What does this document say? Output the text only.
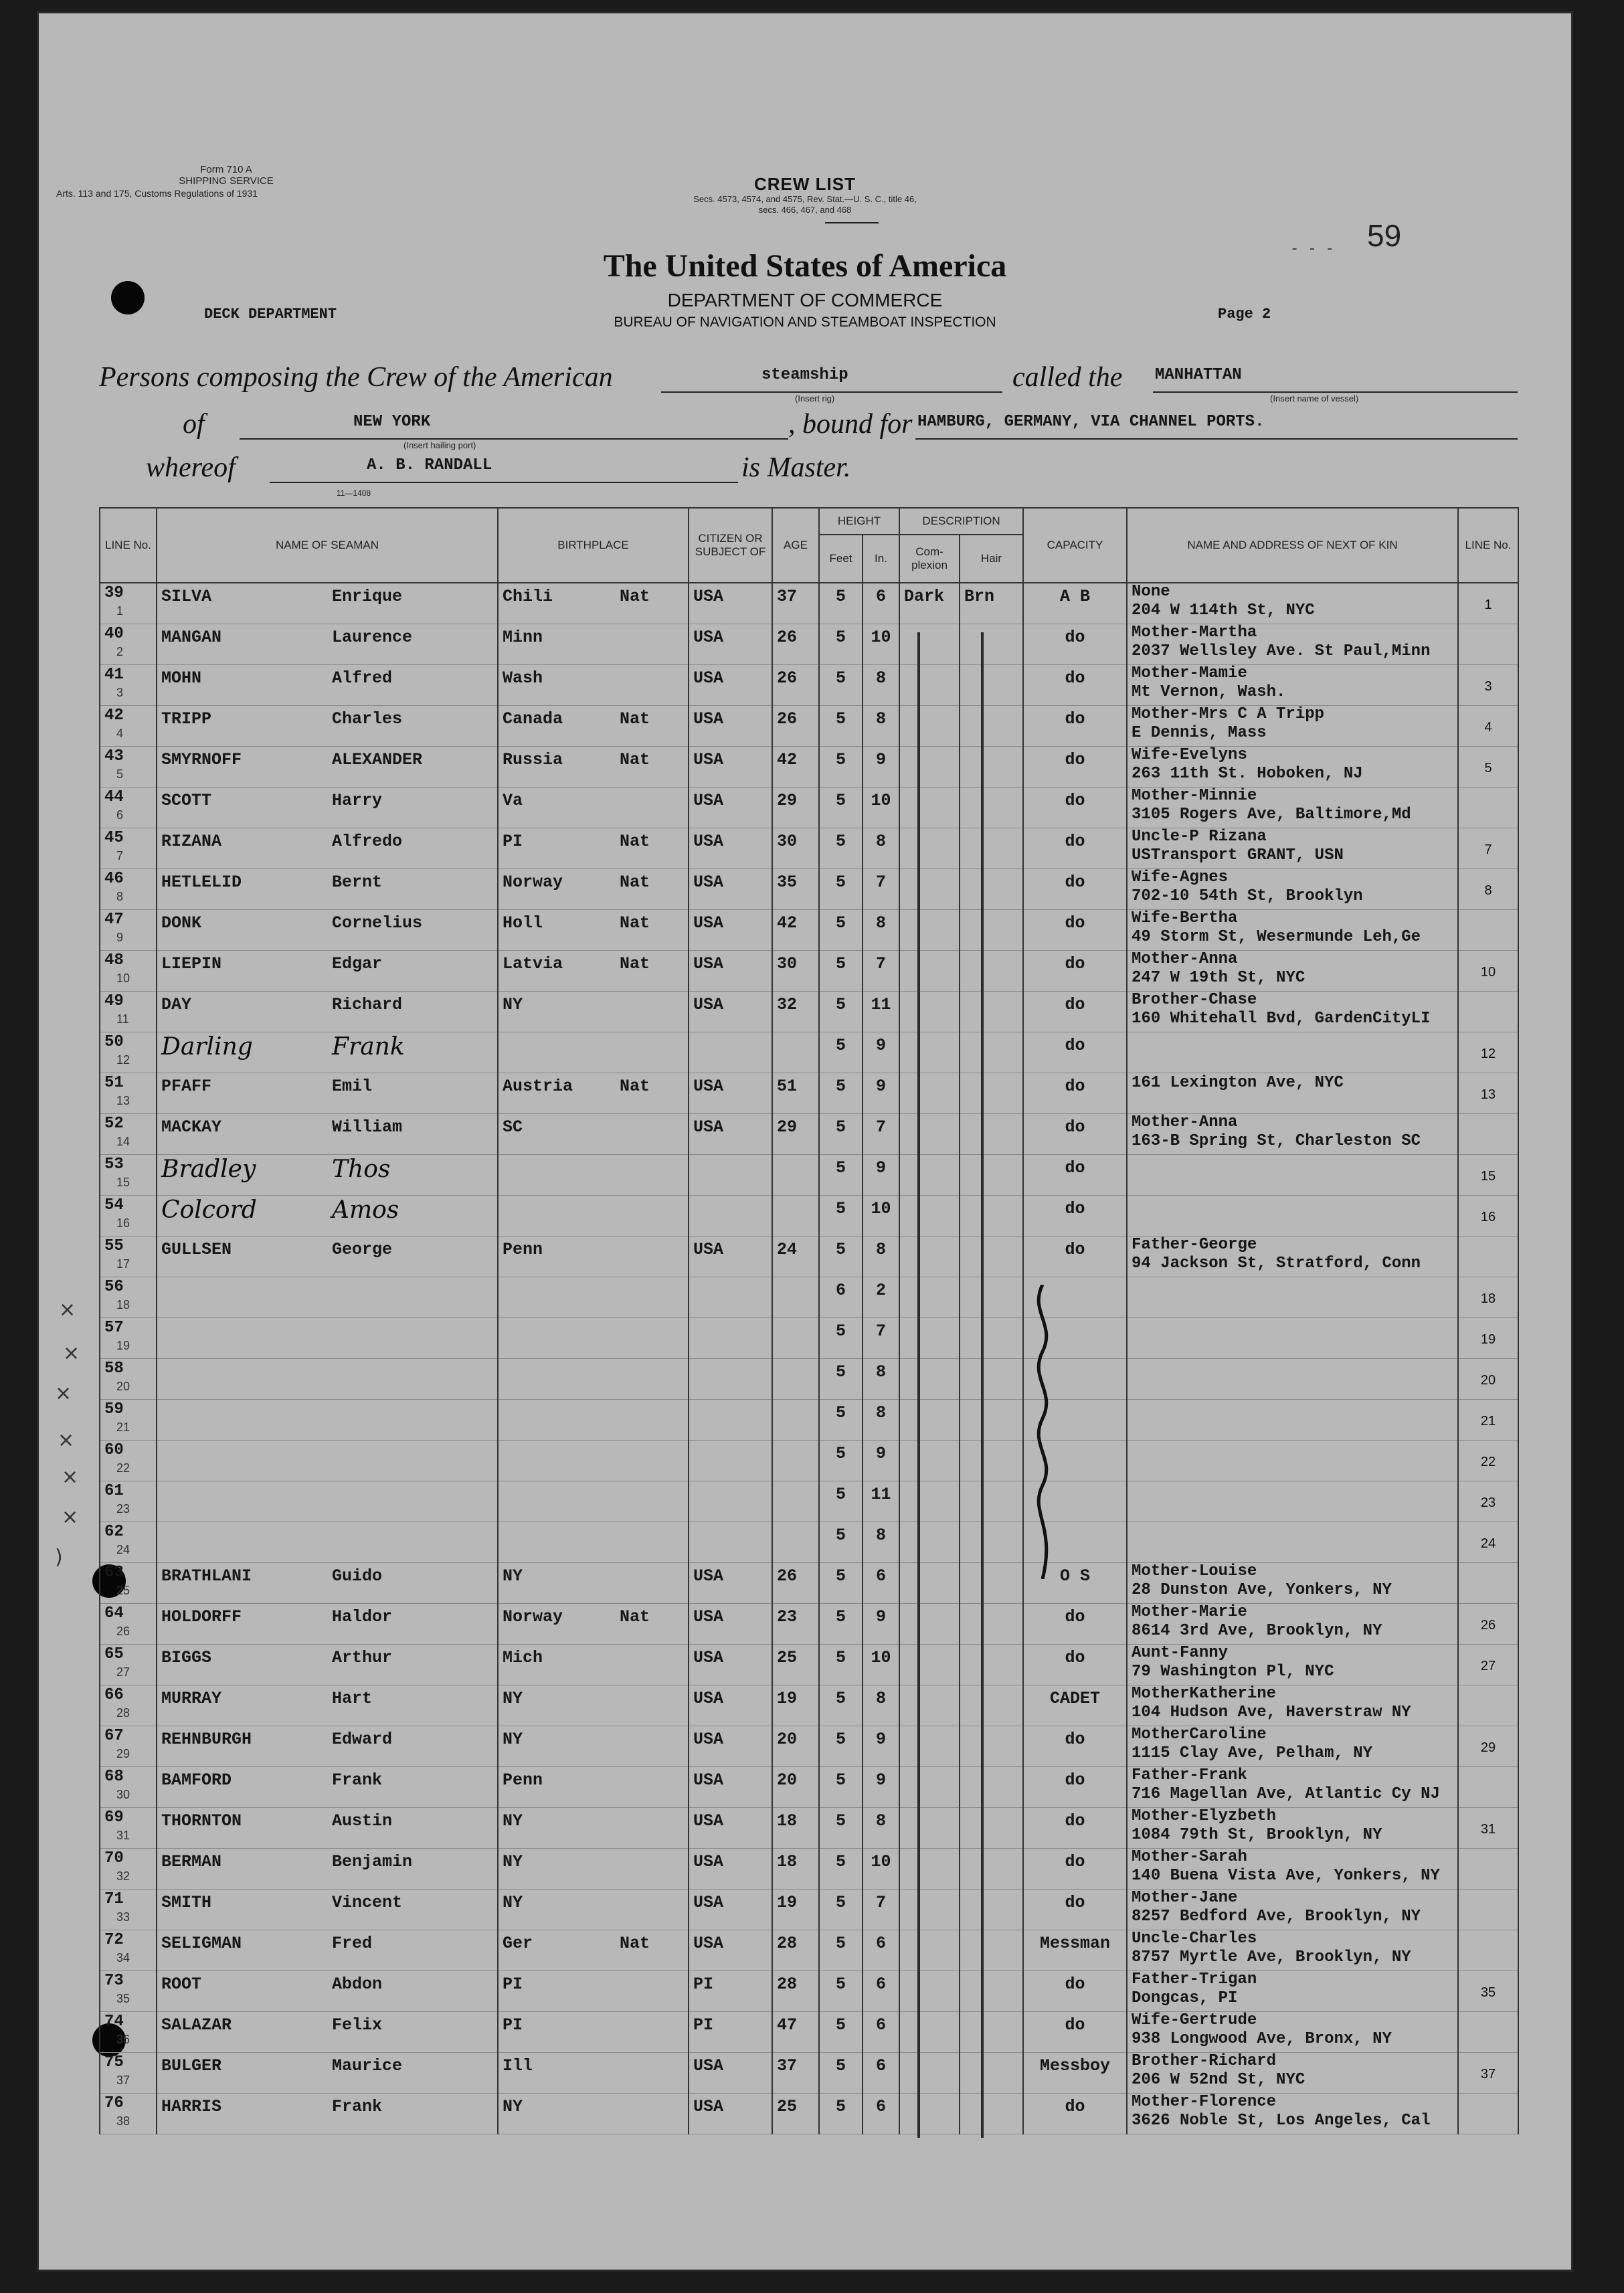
Form 710 A
SHIPPING SERVICE
Arts. 113 and 175, Customs Regulations of 1931	CREW LIST
Secs. 4573, 4574, and 4575, Rev. Stat.—U. S. C., title 46,
secs. 466, 467, and 468
The United States of America
DEPARTMENT OF COMMERCE
BUREAU OF NAVIGATION AND STEAMBOAT INSPECTION
- - - 59
DECK DEPARTMENT	Page 2
Persons composing the Crew of the American	steamship
(Insert rig)
called the MANHATTAN
(Insert name of vessel)
of	NEW YORK
(Insert hailing port)
, bound for HAMBURG, GERMANY, VIA CHANNEL PORTS.
whereof	A. B. RANDALL	is Master.
11—1408
LINE No.	NAME OF SEAMAN	BIRTHPLACE	CITIZEN OR SUBJECT OF	AGE	HEIGHT		DESCRIPTION		CAPACITY	NAME AND ADDRESS OF NEXT OF KIN	LINE No.
					Feet	In.	Com- plexion	Hair			

39
1	SILVA Enrique	Chili Nat	USA	37	5	6	Dark	Brn	A B	None
204 W 114th St, NYC	1

40
2	MANGAN Laurence	Minn	USA	26	5	10			do	Mother-Martha
2037 Wellsley Ave. St Paul,Minn	

41
3	MOHN Alfred	Wash	USA	26	5	8			do	Mother-Mamie
Mt Vernon, Wash.	3

42
4	TRIPP Charles	Canada Nat	USA	26	5	8			do	Mother-Mrs C A Tripp
E Dennis, Mass	4

43
5	SMYRNOFF ALEXANDER	Russia Nat	USA	42	5	9			do	Wife-Evelyns
263 11th St. Hoboken, NJ	5

44
6	SCOTT Harry	Va	USA	29	5	10			do	Mother-Minnie
3105 Rogers Ave, Baltimore,Md	

45
7	RIZANA Alfredo	PI Nat	USA	30	5	8			do	Uncle-P Rizana
USTransport GRANT, USN	7

46
8	HETLELID Bernt	Norway Nat	USA	35	5	7			do	Wife-Agnes
702-10 54th St, Brooklyn	8

47
9	DONK Cornelius	Holl Nat	USA	42	5	8			do	Wife-Bertha
49 Storm St, Wesermunde Leh,Ge	

48
10	LIEPIN Edgar	Latvia Nat	USA	30	5	7			do	Mother-Anna
247 W 19th St, NYC	10

49
11	DAY Richard	NY	USA	32	5	11			do	Brother-Chase
160 Whitehall Bvd, GardenCityLI	

50
12	Darling Frank				5	9			do		12

51
13	PFAFF Emil	Austria Nat	USA	51	5	9			do	161 Lexington Ave, NYC	13

52
14	MACKAY William	SC	USA	29	5	7			do	Mother-Anna
163-B Spring St, Charleston SC	

53
15	Bradley Thos				5	9			do		15

54
16	Colcord Amos				5	10			do		16

55
17	GULLSEN George	Penn	USA	24	5	8			do	Father-George
94 Jackson St, Stratford, Conn	

56
18					6	2					18

57
19					5	7					19

58
20					5	8					20

59
21					5	8					21

60
22					5	9					22

61
23					5	11					23

62
24					5	8					24

63
25	BRATHLANI Guido	NY	USA	26	5	6			O S	Mother-Louise
28 Dunston Ave, Yonkers, NY	

64
26	HOLDORFF Haldor	Norway Nat	USA	23	5	9			do	Mother-Marie
8614 3rd Ave, Brooklyn, NY	26

65
27	BIGGS Arthur	Mich	USA	25	5	10			do	Aunt-Fanny
79 Washington Pl, NYC	27

66
28	MURRAY Hart	NY	USA	19	5	8			CADET	MotherKatherine
104 Hudson Ave, Haverstraw NY	

67
29	REHNBURGH Edward	NY	USA	20	5	9			do	MotherCaroline
1115 Clay Ave, Pelham, NY	29

68
30	BAMFORD Frank	Penn	USA	20	5	9			do	Father-Frank
716 Magellan Ave, Atlantic Cy NJ	

69
31	THORNTON Austin	NY	USA	18	5	8			do	Mother-Elyzbeth
1084 79th St, Brooklyn, NY	31

70
32	BERMAN Benjamin	NY	USA	18	5	10			do	Mother-Sarah
140 Buena Vista Ave, Yonkers, NY	

71
33	SMITH Vincent	NY	USA	19	5	7			do	Mother-Jane
8257 Bedford Ave, Brooklyn, NY	

72
34	SELIGMAN Fred	Ger Nat	USA	28	5	6			Messman	Uncle-Charles
8757 Myrtle Ave, Brooklyn, NY	

73
35	ROOT Abdon	PI	PI	28	5	6			do	Father-Trigan
Dongcas, PI	35

74
36	SALAZAR Felix	PI	PI	47	5	6			do	Wife-Gertrude
938 Longwood Ave, Bronx, NY	

75
37	BULGER Maurice	Ill	USA	37	5	6			Messboy	Brother-Richard
206 W 52nd St, NYC	37

76
38	HARRIS Frank	NY	USA	25	5	6			do	Mother-Florence
3626 Noble St, Los Angeles, Cal	

×
×
×
×
×
×
)
